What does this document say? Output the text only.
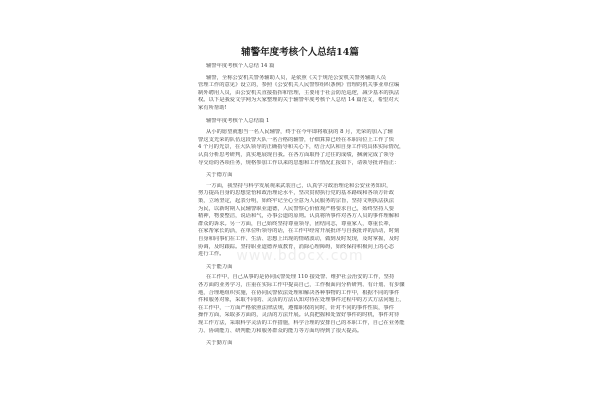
辅警年度考核个人总结14篇
辅警年度考核个人总结 14 篇
辅警，全称公安机关警务辅助人员，是依照《关于规范公安机关警务辅助人员
管理工作的意见》设立的，参照《公安机关人民警察组织条例》管理的机关事业单位编
制外聘用人员，由公安机关直接指挥和管理，主要用于社会防范巡逻，减少基本的执法
权。以下是我爱文学网为大家整理的关于辅警年度考核个人总结 14 篇范文，希望对大
家有所帮助!
辅警年度考核个人总结篇 1
从小的愿望就想当一名人民辅警，终于在今年即将收获的 8 月，光荣的加入了辅
警这支光荣的队伍这段警大队一名合格的辅警，仔细算算已经在本职岗位上工作了快
4 个月的光景，在大队领导的正确指导和关心下，结合大队和自身工作的具体实际情况，
认真分析思考研判，真实地展现自我。在各方面取得了过往的成绩，捆满完成了领导
导交给的各项任务，规格参加工作以来的思想和工作情况汇报如下，请领导批评指正：
关于德方面
一方面，我坚持与科学发展观来武装自己，认真学习政治理论和公安业务知识，
努力提高自身的思想觉悟和政治理论水平，坚决贯彻执行党的基本路线和各项方针政
策，立场坚定，起表分明，始终牢记全心全意为人民服务的宗旨，坚持文明执法执法
为民，以新时期人民辅警职业道德，人民警察心价值观严格要求自己，始终坚持人要
精神，物要整洁，说话和气，办事公道的原则。认真将所事件对各方人员的事件理解和
群众的诉求。另一方面，自己始终坚持尊重领导，团结同志，尊重家人，尊重长辈，
在家帮家长的活，在单位听领导的话，在工作中经常开展批评与自我批评的活动，时刻
自身和同事们在工作、生活、思想上出现的情绪波动，做到及时发现，及时掌握，及时
协调，及时跟踪。坚持职业道德养成教育，消除心理障碍，始终保持积极向上的心态
进行工作。
关于能力面
在工作中，自己从事的是协同民警处理 110 接处警、维护社会治安的工作，坚持
各方面的业务学习，注重在实际工作中提高自己，工作极面向分析研判、有计划、有步骤
地，合理地组织实施，在协同民警依法处理和解决各种事物的工作中，根据不同的事件
件和服务对象，采取不同的、灵活的方法认知对待在处理事件过程中的方式方法问题上，
在工作中，一方面严格依照法律法规，遵循职权的同时，针对不同的事件性质，事件
操作方面，采取多方面的，灵活的方法开展。认真把握和处置好事件的时机，事件对待
现工作方法，采取科学灵活的工作措施，科学合理的安排自己的本职工作，自己在业务能
力、协调能力、研判能力和服务群众的能力等方面均得到了很大提高。
关于勤方面
www.bdocx.com
